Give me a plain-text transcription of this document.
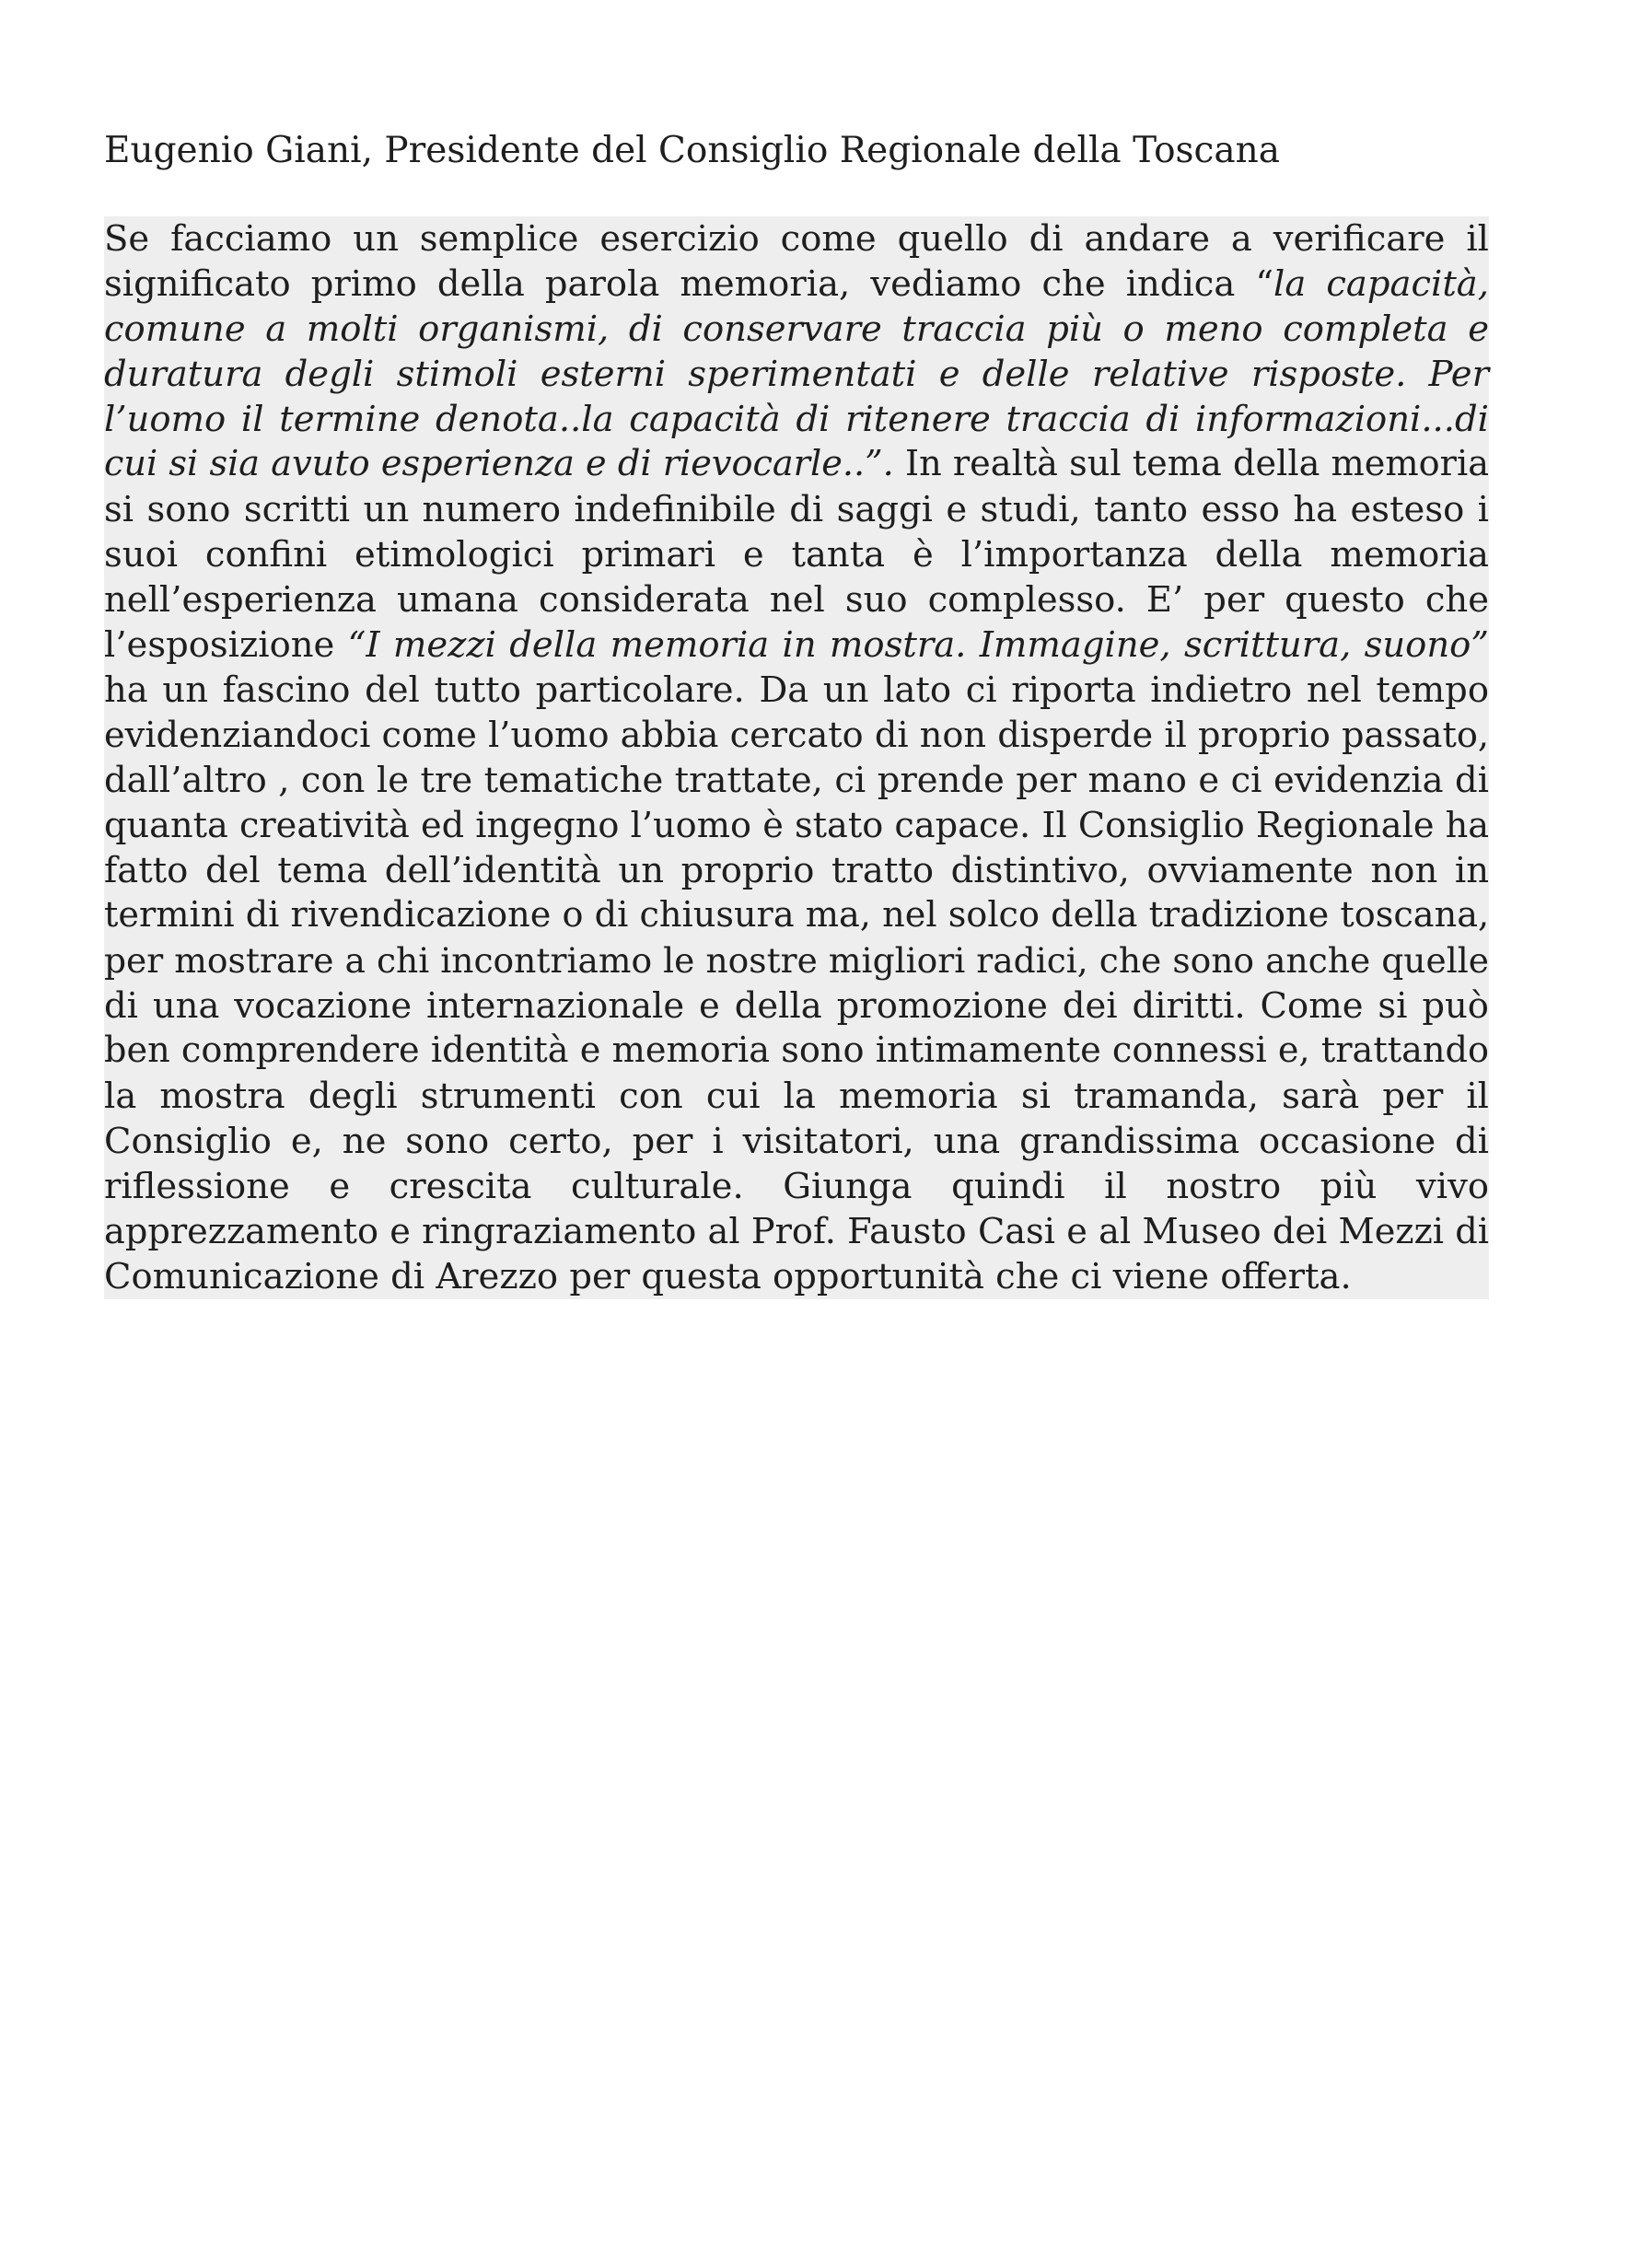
Eugenio Giani, Presidente del Consiglio Regionale della Toscana
Se facciamo un semplice esercizio come quello di andare a verificare il
significato primo della parola memoria, vediamo che indica “la capacità,
comune a molti organismi, di conservare traccia più o meno completa e
duratura degli stimoli esterni sperimentati e delle relative risposte. Per
l’uomo il termine denota..la capacità di ritenere traccia di informazioni...di
cui si sia avuto esperienza e di rievocarle..”. In realtà sul tema della memoria
si sono scritti un numero indefinibile di saggi e studi, tanto esso ha esteso i
suoi confini etimologici primari e tanta è l’importanza della memoria
nell’esperienza umana considerata nel suo complesso. E’ per questo che
l’esposizione “I mezzi della memoria in mostra. Immagine, scrittura, suono”
ha un fascino del tutto particolare. Da un lato ci riporta indietro nel tempo
evidenziandoci come l’uomo abbia cercato di non disperde il proprio passato,
dall’altro , con le tre tematiche trattate, ci prende per mano e ci evidenzia di
quanta creatività ed ingegno l’uomo è stato capace. Il Consiglio Regionale ha
fatto del tema dell’identità un proprio tratto distintivo, ovviamente non in
termini di rivendicazione o di chiusura ma, nel solco della tradizione toscana,
per mostrare a chi incontriamo le nostre migliori radici, che sono anche quelle
di una vocazione internazionale e della promozione dei diritti. Come si può
ben comprendere identità e memoria sono intimamente connessi e, trattando
la mostra degli strumenti con cui la memoria si tramanda, sarà per il
Consiglio e, ne sono certo, per i visitatori, una grandissima occasione di
riflessione e crescita culturale. Giunga quindi il nostro più vivo
apprezzamento e ringraziamento al Prof. Fausto Casi e al Museo dei Mezzi di
Comunicazione di Arezzo per questa opportunità che ci viene offerta.
